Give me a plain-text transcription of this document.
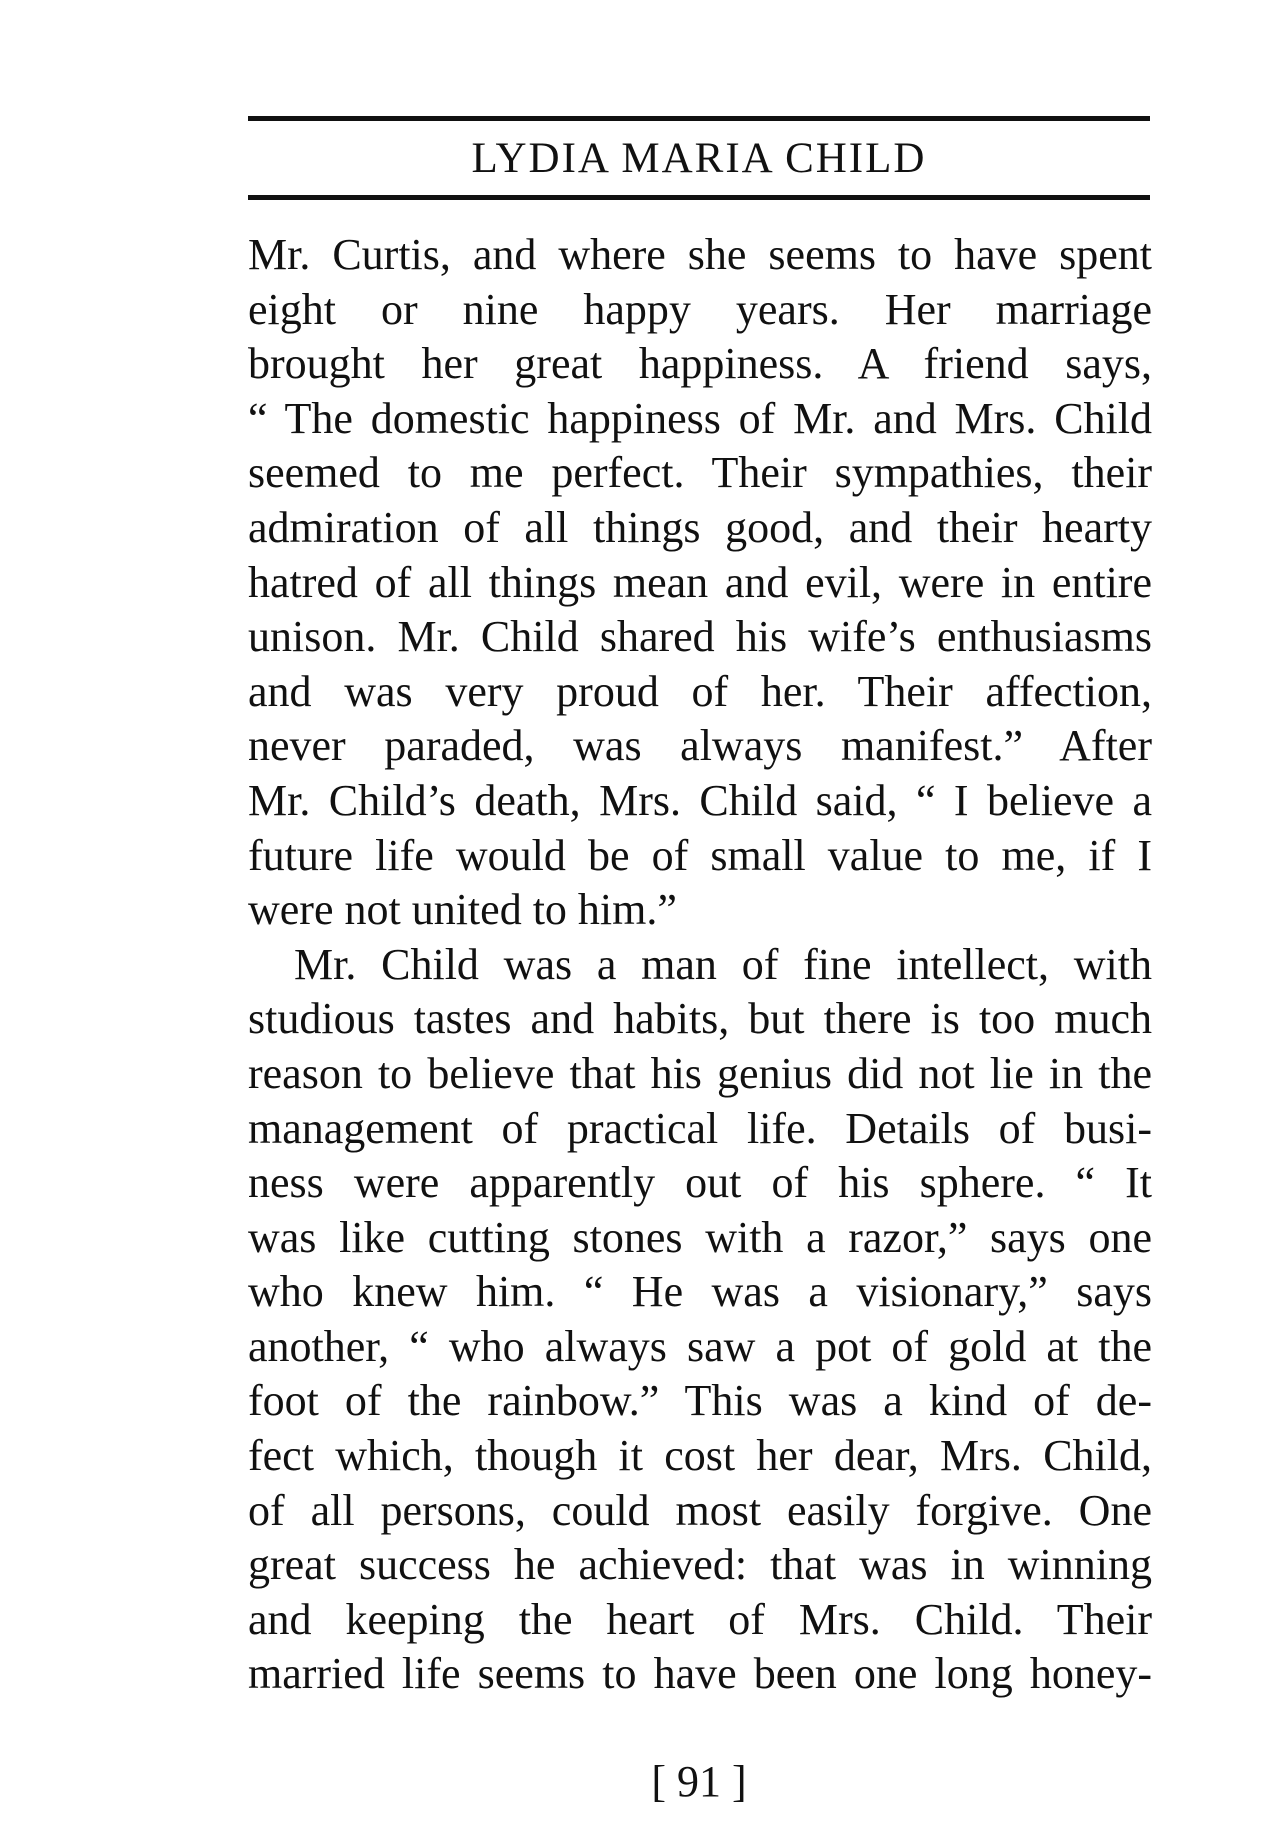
LYDIA MARIA CHILD
Mr. Curtis, and where she seems to have spent
eight or nine happy years. Her marriage
brought her great happiness. A friend says,
“ The domestic happiness of Mr. and Mrs. Child
seemed to me perfect. Their sympathies, their
admiration of all things good, and their hearty
hatred of all things mean and evil, were in entire
unison. Mr. Child shared his wife’s enthusiasms
and was very proud of her. Their affection,
never paraded, was always manifest.” After
Mr. Child’s death, Mrs. Child said, “ I believe a
future life would be of small value to me, if I
were not united to him.”
Mr. Child was a man of fine intellect, with
studious tastes and habits, but there is too much
reason to believe that his genius did not lie in the
management of practical life. Details of busi-
ness were apparently out of his sphere. “ It
was like cutting stones with a razor,” says one
who knew him. “ He was a visionary,” says
another, “ who always saw a pot of gold at the
foot of the rainbow.” This was a kind of de-
fect which, though it cost her dear, Mrs. Child,
of all persons, could most easily forgive. One
great success he achieved: that was in winning
and keeping the heart of Mrs. Child. Their
married life seems to have been one long honey-
[ 91 ]
